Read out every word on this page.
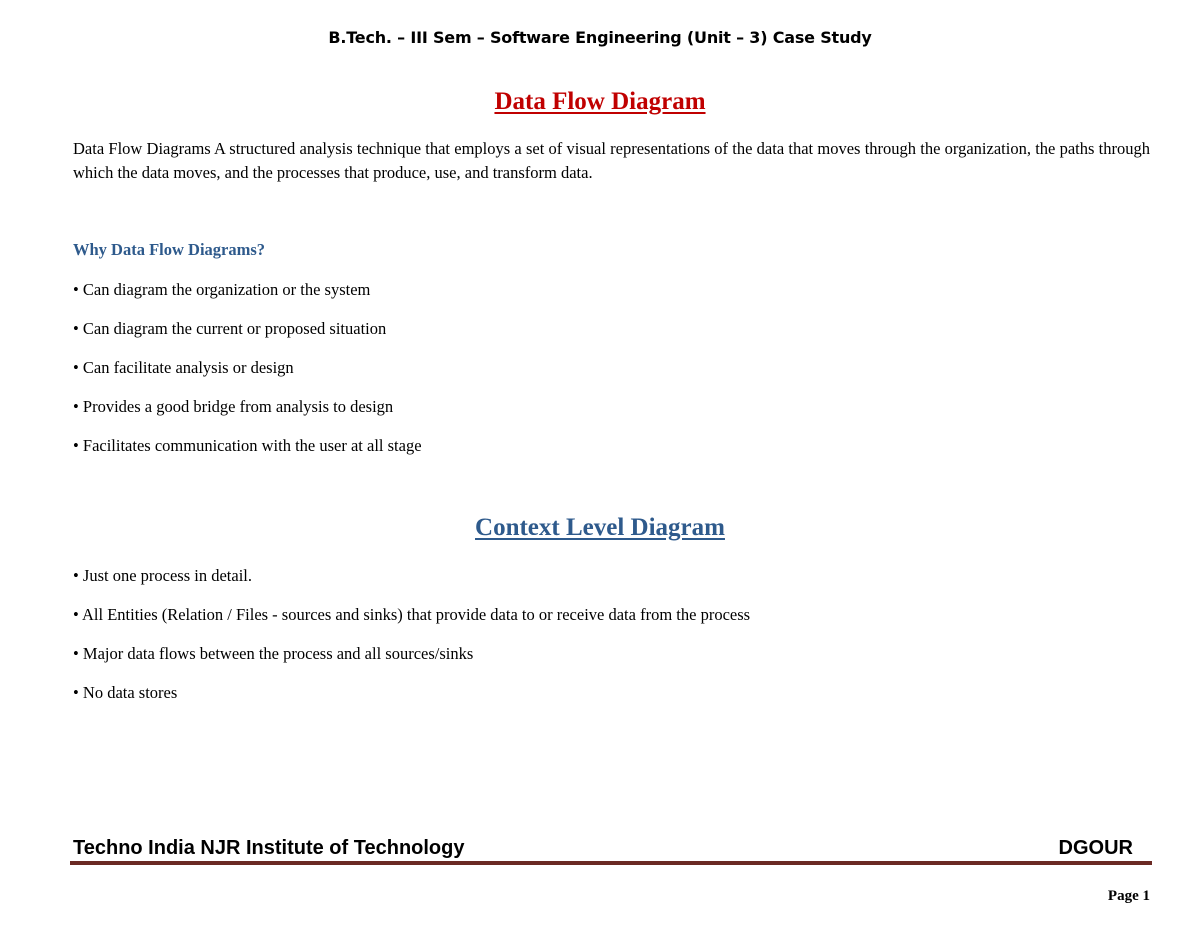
B.Tech. – III Sem – Software Engineering (Unit – 3) Case Study
Data Flow Diagram

Data Flow Diagrams A structured analysis technique that employs a set of visual representations of the data that moves through the organization, the paths through which the data moves, and the processes that produce, use, and transform data.

Why Data Flow Diagrams?
• Can diagram the organization or the system
• Can diagram the current or proposed situation
• Can facilitate analysis or design
• Provides a good bridge from analysis to design
• Facilitates communication with the user at all stage
Context Level Diagram
• Just one process in detail.
• All Entities (Relation / Files - sources and sinks) that provide data to or receive data from the process
• Major data flows between the process and all sources/sinks
• No data stores
Techno India NJR Institute of Technology	DGOUR
Page 1
